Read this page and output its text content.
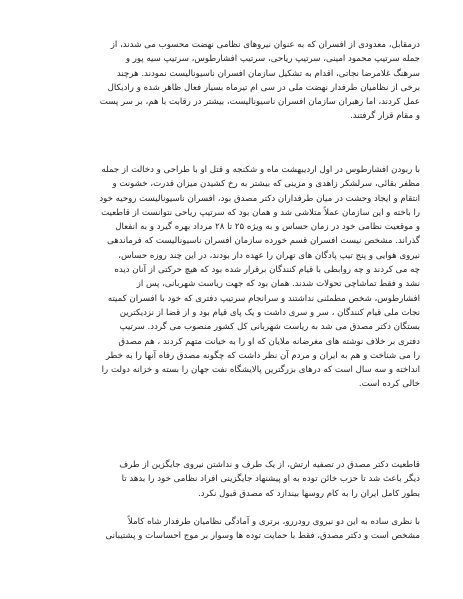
درمقابل، معدودی از افسران که به عنوان نیروهای نظامی نهضت محسوب می شدند، از
جمله سرتیپ محمود امینی، سرتیپ ریاحی، سرتیپ افشارطوس، سرتیپ سیه پور و
سرهنگ غلامرضا نجاتی، اقدام به تشکیل سازمان افسران ناسیونالیست نمودند. هرچند
برخی از نظامیان طرفدار نهضت ملی در سی ام تیرماه بسیار فعال ظاهر شده و رادیکال
عمل کردند، اما رهبران سازمان افسران ناسیونالیست، بیشتر در رقابت با هم، بر سر پست
و مقام قرار گرفتند.
با ربودن افشارطوس در اول اردیبهشت ماه و شکنجه و قتل او با طراحی و دخالت از جمله
مظفر بقائی، سرلشکر زاهدی و مزینی که بیشتر به رخ کشیدن میزان قدرت، خشونت و
انتقام و ایجاد وحشت در میان طرفداران دکتر مصدق بود، افسران ناسیونالیست روحیه خود
را باخته و این سازمان عملاً متلاشی شد و همان بود که سرتیپ ریاحی نتوانست از قاطعیت
و موقعیت نظامی خود در زمان حساس و به ویژه ۲۵ تا ۲۸ مرداد بهره گیرد و به انفعال
گذراند. مشخص نیست افسران قسم خورده سازمان افسران ناسیونالیست که فرماندهی
نیروی هوایی و پنج تیپ پادگان های تهران را عهده دار بودند، در این چند روزه حساس،
چه می کردند و چه روابطی با قیام کنندگان برقرار شده بود که هیچ حرکتی از آنان دیده
نشد و فقط تماشاچی تحولات شدند. همان بود که جهت ریاست شهربانی، پس از
افشارطوس، شخص مطمئنی نداشتند و سرانجام سرتیپ دفتری که خود با افسران کمیته
نجات ملی قیام کنندگان ، سر و سری داشت و یک پای قیام بود و از قضا از نزدیکترین
بستگان دکتر مصدق می شد به ریاست شهربانی کل کشور منصوب می گردد. سرتیپ
دفتری بر خلاف نوشته های مغرضانه ملایان که او را به خیانت متهم کردند ، هم مصدق
را می شناخت و هم به ایران و مردم آن نظر داشت که چگونه مصدق رفاه آنها را به خطر
انداخته و سه سال است که درهای بزرگترین پالایشگاه نفت جهان را بسته و خزانه دولت را
خالی کرده است.
قاطعیت دکتر مصدق در تصفیه ارتش، از یک طرف و نداشتن نیروی جایگزین از طرف
دیگر باعث شد تا حزب خائن توده به او پیشنهاد جایگزینی افراد نظامی خود را بدهد تا
بطور کامل ایران را به کام روسها بیندازد که مصدق قبول نکرد.
با نظری ساده به این دو نیروی رودررو، برتری و آمادگی نظامیان طرفدار شاه کاملاً
مشخص است و دکتر مصدق، فقط با حمایت توده ها وسوار بر موج احساسات و پشتیبانی
